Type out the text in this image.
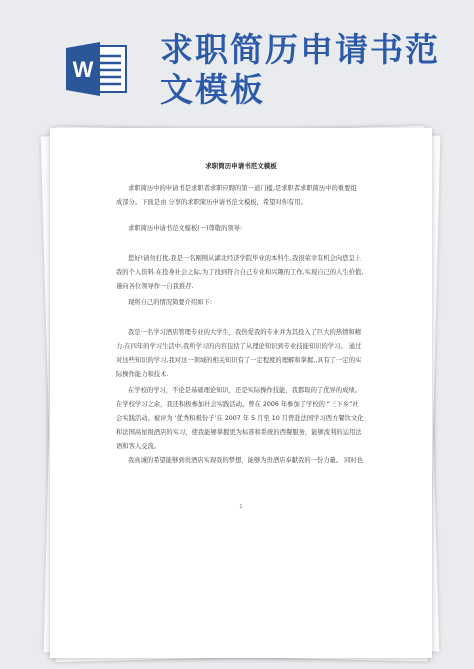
W
求职简历申请书范
文模板
求职简历申请书范文模板
求职简历中的申请书是求职者求职应聘的第一道门槛,是求职者求职简历中的重要组
成部分。下面是由 分享的求职简历申请书范文模板，希望对你有用。
求职简历申请书范文模板(一)尊敬的领导:
您好!请勿打扰,我是一名刚刚从湖北经济学院毕业的本科生,我很荣幸有机会向您呈上
我的个人资料.在投身社会之际,为了找到符合自己专业和兴趣的工作,实现自己的人生价值,
谨向各位领导作一自我推荐.
现将自己的情况简要介绍如下:
我是一名学习酒店管理专业的大学生，我热爱我的专业并为其投入了巨大的热情和精
力.在四年的学习生活中,我所学习的内容包括了从理论知识到专业技能知识的学习。 通过
对这些知识的学习,我对这一领域的相关知识有了一定程度的理解和掌握,,具有了一定的实
际操作能力和技术.
在学校的学习，不论是基础理论知识，还是实际操作技能，我都取的了优异的成绩。
在学校学习之余，我还积极参加社会实践活动。曾在 2006 年参加了学校的 “三下乡”社
会实践活动。被评为 ‘优秀积极份子’在 2007 年 5 月至 10 月曾赴法国学习西方餐饮文化
和法国高星级酒店的实习，使我能够掌握更为标准和系统的西餐服务，能够流利的运用法
语和客人交流。
我真诚的希望能够到贵酒店实现我的梦想，能够为贵酒店奉献我的一份力量。 同时也
1
